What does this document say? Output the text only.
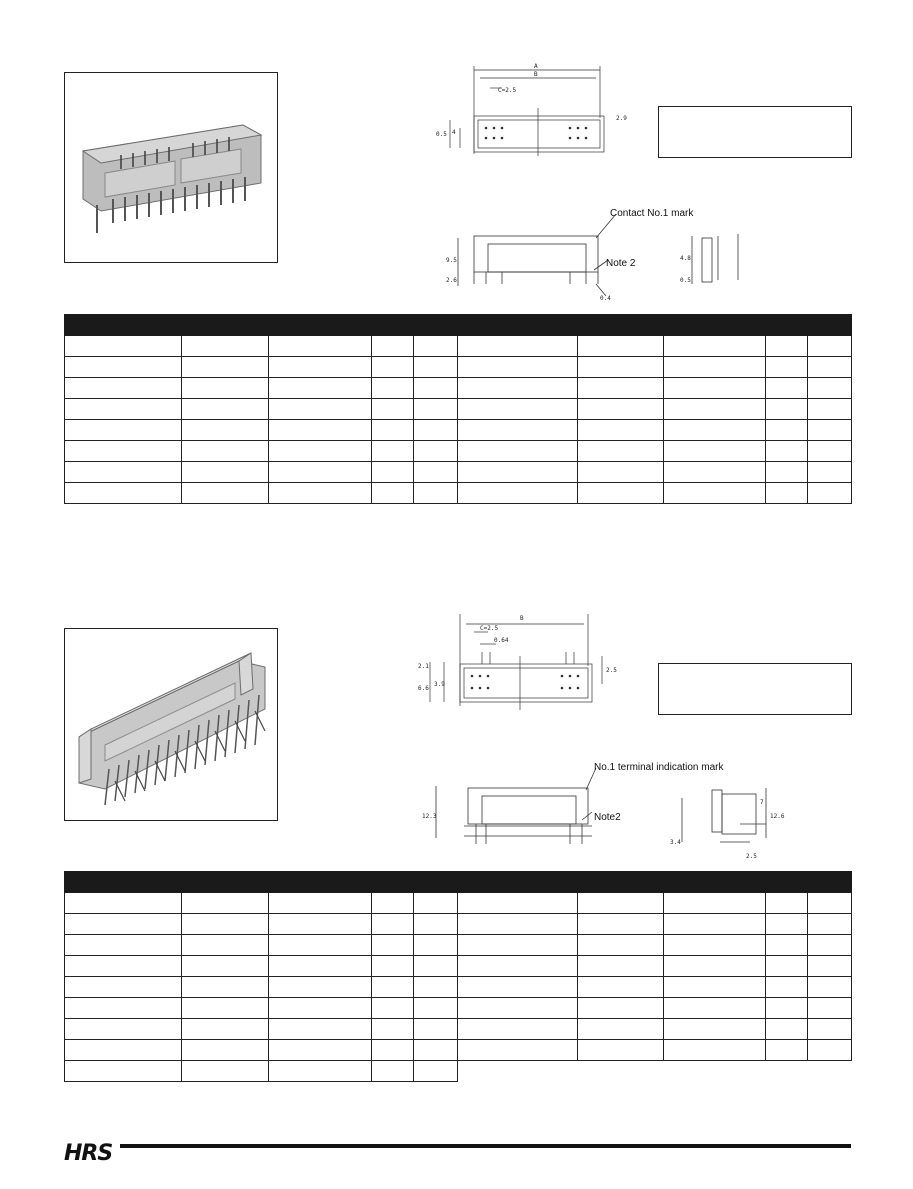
A
B
C=2.5
0.5 4
2.9
9.5
2.6
0.4
0.5
4.8
Contact No.1 mark
Note 2

B
C=2.5
0.64
2.1
6.6
3.9
2.5
12.3
3.4
2.5
7
12.6
No.1 terminal indication mark
Note2

HRS
